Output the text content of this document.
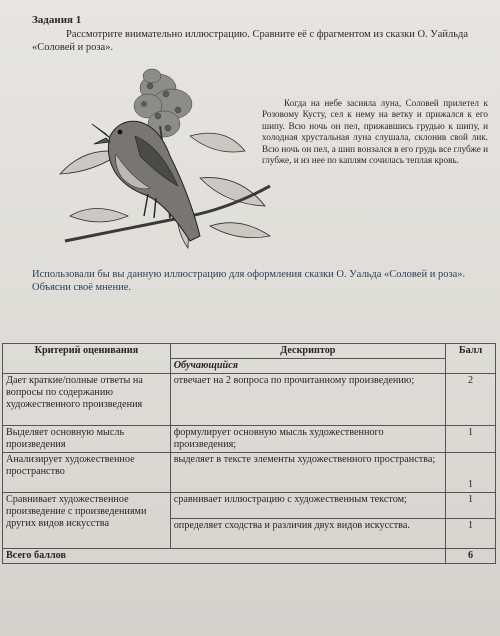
Задания 1
Рассмотрите внимательно иллюстрацию. Сравните её с фрагментом из сказки О. Уайльда «Соловей и роза».
Когда на небе засияла луна, Соловей прилетел к Розовому Кусту, сел к нему на ветку и прижался к его шипу. Всю ночь он пел, прижавшись грудью к шипу, и холодная хрустальная луна слушала, склонив свой лик. Всю ночь он пел, а шип вонзался в его грудь все глубже и глубже, и из нее по каплям сочилась теплая кровь.
Использовали бы вы данную иллюстрацию для оформления сказки О. Уальда «Соловей и роза». Объясни своё мнение.
Критерий оценивания	Дескриптор	Балл
	Обучающийся	
Дает краткие/полные ответы на вопросы по содержанию художественного произведения	отвечает на 2 вопроса по прочитанному произведению;	2
Выделяет основную мысль произведения	формулирует основную мысль художественного произведения;	1
Анализирует художественное пространство	выделяет в тексте элементы художественного пространства;	1
Сравнивает художественное произведение с произведениями других видов искусства	сравнивает иллюстрацию с художественным текстом;	1
	определяет сходства и различия двух видов искусства.	1
Всего баллов		6
